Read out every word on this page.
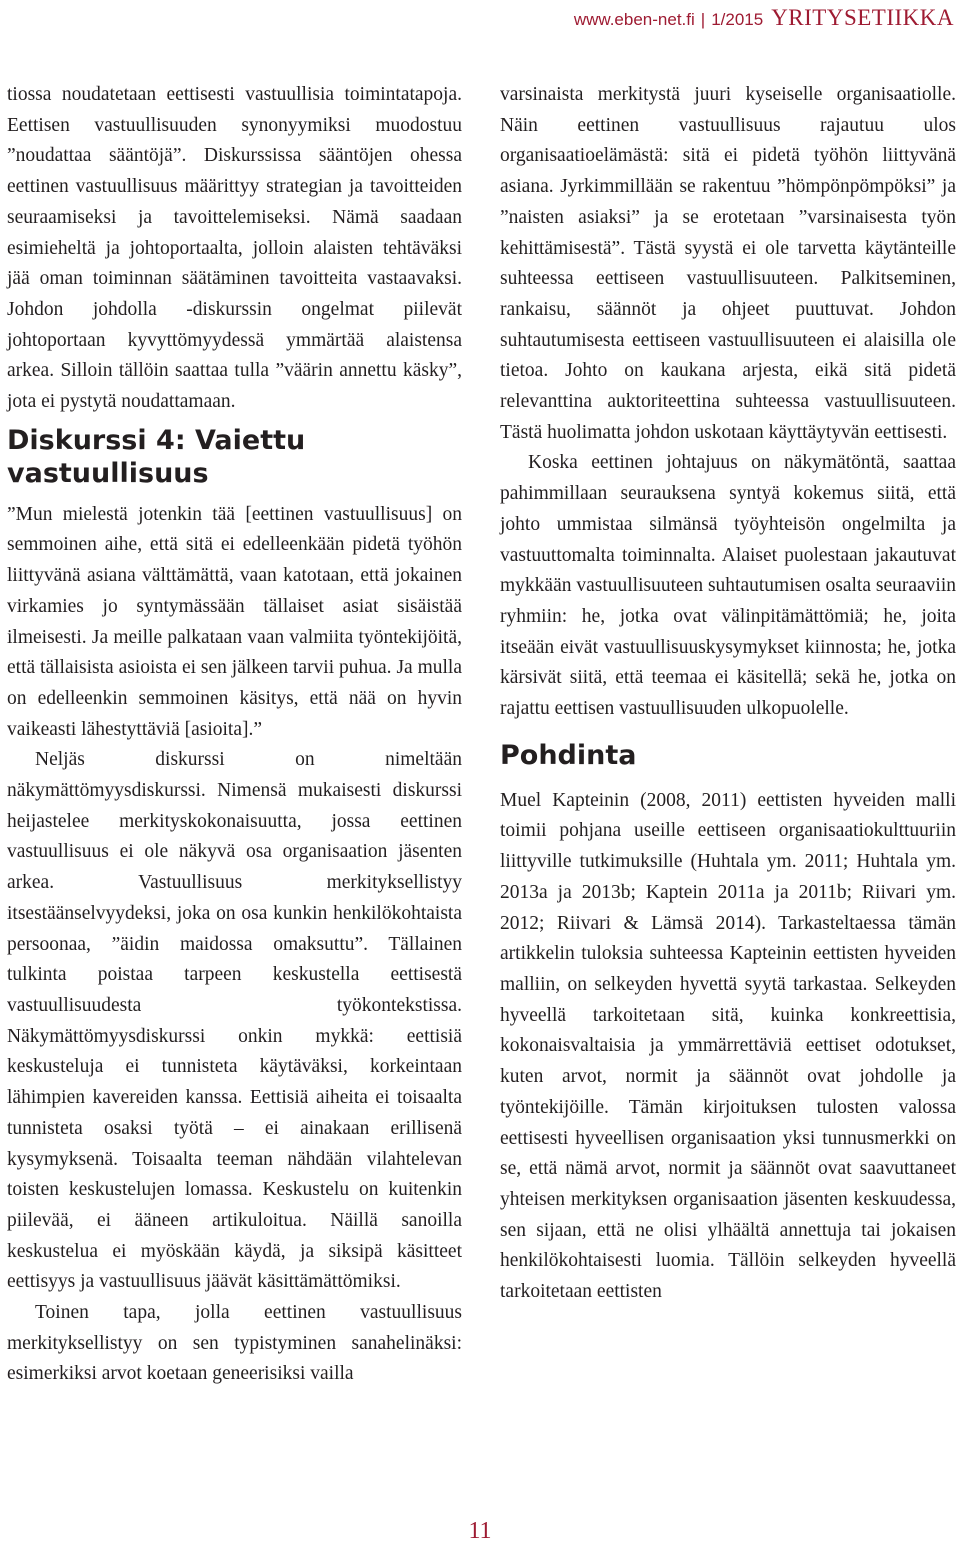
www.eben-net.fi | 1/2015 YRITYSETIIKKA

tiossa noudatetaan eettisesti vastuullisia toimintatapoja. Eettisen vastuullisuuden synonyymiksi muodostuu ”noudattaa sääntöjä”. Diskurssissa sääntöjen ohessa eettinen vastuullisuus määrittyy strategian ja tavoitteiden seuraamiseksi ja tavoittelemiseksi. Nämä saadaan esimieheltä ja johtoportaalta, jolloin alaisten tehtäväksi jää oman toiminnan säätäminen tavoitteita vastaavaksi. Johdon johdolla -diskurssin ongelmat piilevät johtoportaan kyvyttömyydessä ymmärtää alaistensa arkea. Silloin tällöin saattaa tulla ”väärin annettu käsky”, jota ei pystytä noudattamaan.

Diskurssi 4: Vaiettu vastuullisuus

”Mun mielestä jotenkin tää [eettinen vastuullisuus] on semmoinen aihe, että sitä ei edelleenkään pidetä työhön liittyvänä asiana välttämättä, vaan katotaan, että jokainen virkamies jo syntymässään tällaiset asiat sisäistää ilmeisesti. Ja meille palkataan vaan valmiita työntekijöitä, että tällaisista asioista ei sen jälkeen tarvii puhua. Ja mulla on edelleenkin semmoinen käsitys, että nää on hyvin vaikeasti lähestyttäviä [asioita].”

Neljäs diskurssi on nimeltään näkymättömyysdiskurssi. Nimensä mukaisesti diskurssi heijastelee merkityskokonaisuutta, jossa eettinen vastuullisuus ei ole näkyvä osa organisaation jäsenten arkea. Vastuullisuus merkityksellistyy itsestäänselvyydeksi, joka on osa kunkin henkilökohtaista persoonaa, ”äidin maidossa omaksuttu”. Tällainen tulkinta poistaa tarpeen keskustella eettisestä vastuullisuudesta työkontekstissa. Näkymättömyysdiskurssi onkin mykkä: eettisiä keskusteluja ei tunnisteta käytäväksi, korkeintaan lähimpien kavereiden kanssa. Eettisiä aiheita ei toisaalta tunnisteta osaksi työtä – ei ainakaan erillisenä kysymyksenä. Toisaalta teeman nähdään vilahtelevan toisten keskustelujen lomassa. Keskustelu on kuitenkin piilevää, ei ääneen artikuloitua. Näillä sanoilla keskustelua ei myöskään käydä, ja siksipä käsitteet eettisyys ja vastuullisuus jäävät käsittämättömiksi.

Toinen tapa, jolla eettinen vastuullisuus merkityksellistyy on sen typistyminen sanahelinäksi: esimerkiksi arvot koetaan geneerisiksi vailla

varsinaista merkitystä juuri kyseiselle organisaatiolle. Näin eettinen vastuullisuus rajautuu ulos organisaatioelämästä: sitä ei pidetä työhön liittyvänä asiana. Jyrkimmillään se rakentuu ”hömpönpömpöksi” ja ”naisten asiaksi” ja se erotetaan ”varsinaisesta työn kehittämisestä”. Tästä syystä ei ole tarvetta käytänteille suhteessa eettiseen vastuullisuuteen. Palkitseminen, rankaisu, säännöt ja ohjeet puuttuvat. Johdon suhtautumisesta eettiseen vastuullisuuteen ei alaisilla ole tietoa. Johto on kaukana arjesta, eikä sitä pidetä relevanttina auktoriteettina suhteessa vastuullisuuteen. Tästä huolimatta johdon uskotaan käyttäytyvän eettisesti.

Koska eettinen johtajuus on näkymätöntä, saattaa pahimmillaan seurauksena syntyä kokemus siitä, että johto ummistaa silmänsä työyhteisön ongelmilta ja vastuuttomalta toiminnalta. Alaiset puolestaan jakautuvat mykkään vastuullisuuteen suhtautumisen osalta seuraaviin ryhmiin: he, jotka ovat välinpitämättömiä; he, joita itseään eivät vastuullisuuskysymykset kiinnosta; he, jotka kärsivät siitä, että teemaa ei käsitellä; sekä he, jotka on rajattu eettisen vastuullisuuden ulkopuolelle.

Pohdinta

Muel Kapteinin (2008, 2011) eettisten hyveiden malli toimii pohjana useille eettiseen organisaatiokulttuuriin liittyville tutkimuksille (Huhtala ym. 2011; Huhtala ym. 2013a ja 2013b; Kaptein 2011a ja 2011b; Riivari ym. 2012; Riivari & Lämsä 2014). Tarkasteltaessa tämän artikkelin tuloksia suhteessa Kapteinin eettisten hyveiden malliin, on selkeyden hyvettä syytä tarkastaa. Selkeyden hyveellä tarkoitetaan sitä, kuinka konkreettisia, kokonaisvaltaisia ja ymmärrettäviä eettiset odotukset, kuten arvot, normit ja säännöt ovat johdolle ja työntekijöille. Tämän kirjoituksen tulosten valossa eettisesti hyveellisen organisaation yksi tunnusmerkki on se, että nämä arvot, normit ja säännöt ovat saavuttaneet yhteisen merkityksen organisaation jäsenten keskuudessa, sen sijaan, että ne olisi ylhäältä annettuja tai jokaisen henkilökohtaisesti luomia. Tällöin selkeyden hyveellä tarkoitetaan eettisten

11
